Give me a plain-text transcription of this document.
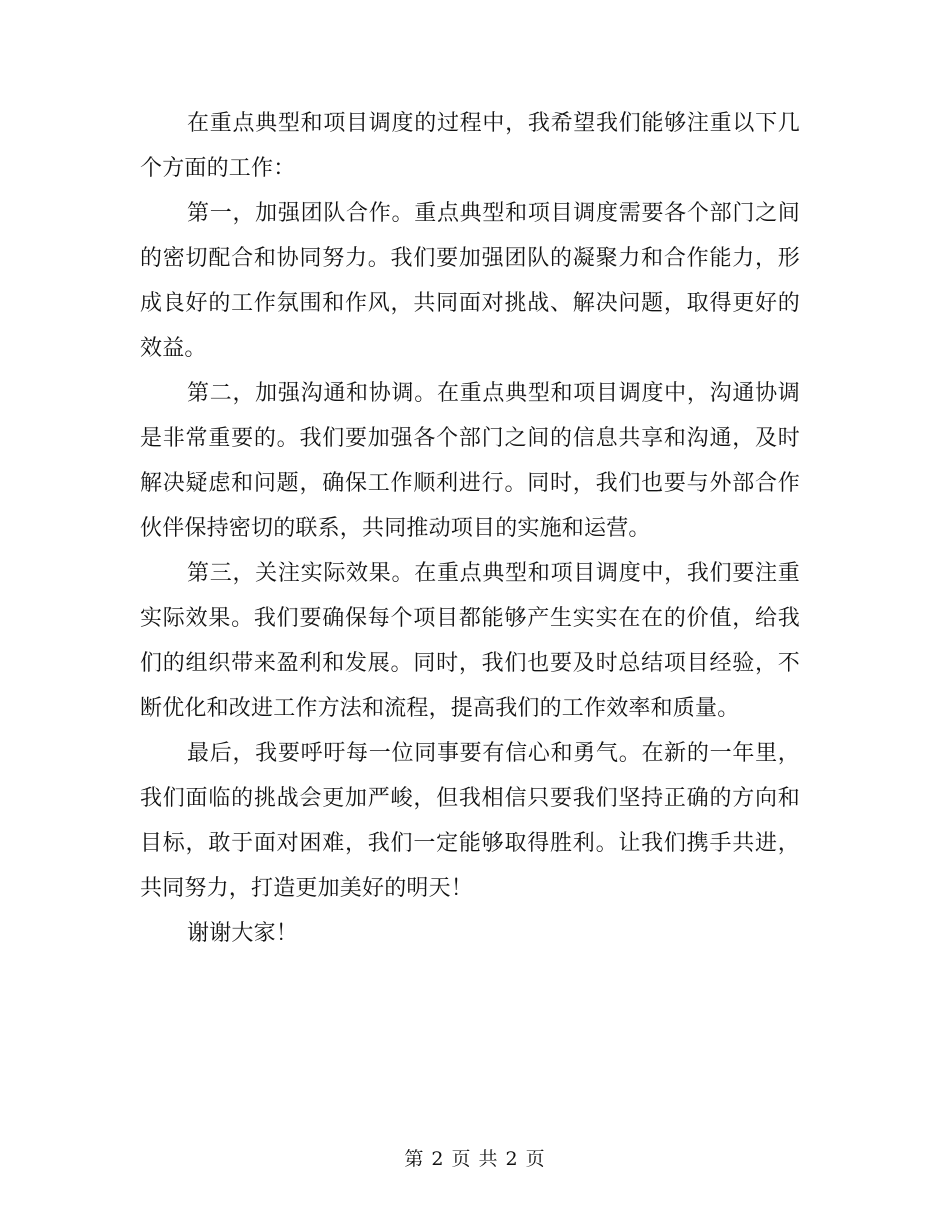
在重点典型和项目调度的过程中，我希望我们能够注重以下几个方面的工作：

第一，加强团队合作。重点典型和项目调度需要各个部门之间的密切配合和协同努力。我们要加强团队的凝聚力和合作能力，形成良好的工作氛围和作风，共同面对挑战、解决问题，取得更好的效益。

第二，加强沟通和协调。在重点典型和项目调度中，沟通协调是非常重要的。我们要加强各个部门之间的信息共享和沟通，及时解决疑虑和问题，确保工作顺利进行。同时，我们也要与外部合作伙伴保持密切的联系，共同推动项目的实施和运营。

第三，关注实际效果。在重点典型和项目调度中，我们要注重实际效果。我们要确保每个项目都能够产生实实在在的价值，给我们的组织带来盈利和发展。同时，我们也要及时总结项目经验，不断优化和改进工作方法和流程，提高我们的工作效率和质量。

最后，我要呼吁每一位同事要有信心和勇气。在新的一年里，我们面临的挑战会更加严峻，但我相信只要我们坚持正确的方向和目标，敢于面对困难，我们一定能够取得胜利。让我们携手共进，共同努力，打造更加美好的明天！

谢谢大家！

第 2 页 共 2 页
